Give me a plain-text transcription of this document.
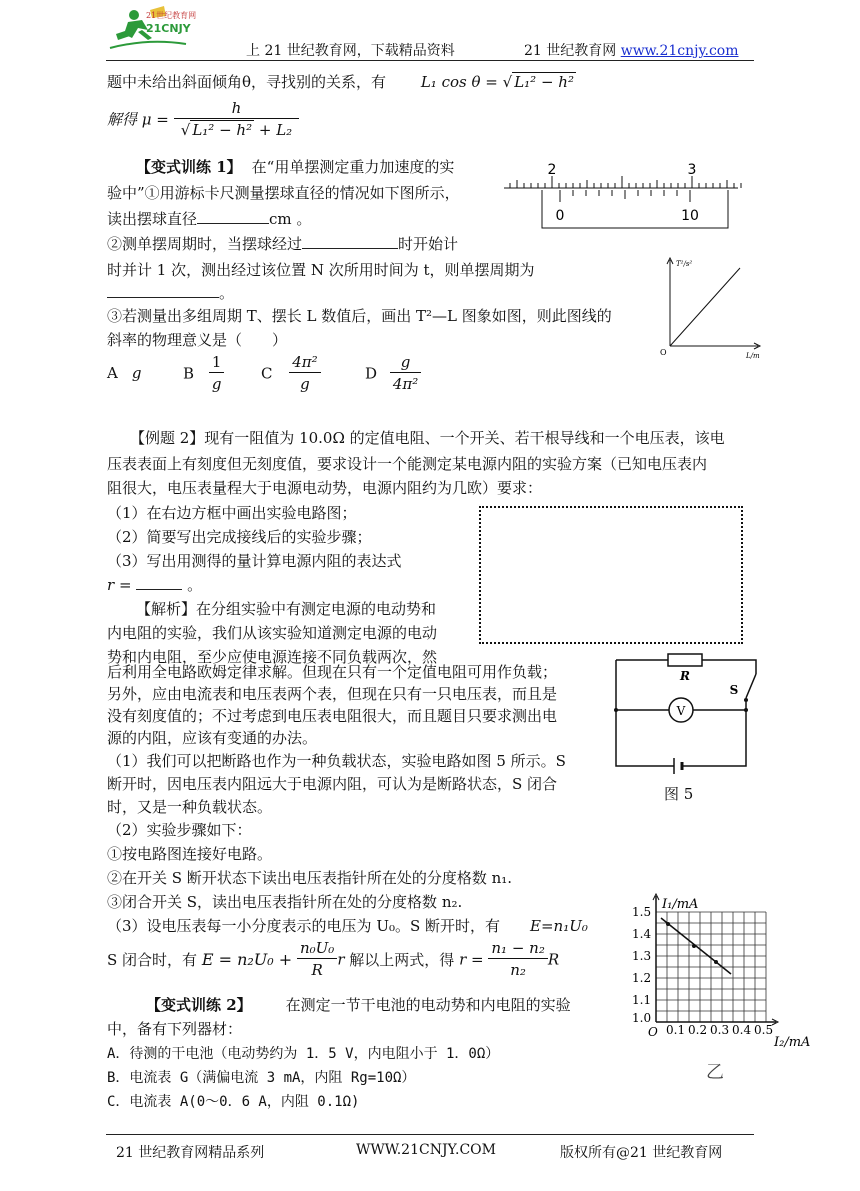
21世纪教育网
21CNJY
上 21 世纪教育网，下载精品资料	21 世纪教育网 www.21cnjy.com
题中未给出斜面倾角θ，寻找别的关系，有 L₁ cos θ = √ L₁² − h²
解得 $\mu = \frac{h}{\text{√ L₁² − h² + L₂}}$
【变式训练 1】 在“用单摆测定重力加速度的实
验中”①用游标卡尺测量摆球直径的情况如下图所示，
读出摆球直径	cm 。
②测单摆周期时，当摆球经过	时开始计
时并计 1 次，测出经过该位置 N 次所用时间为 t，则单摆周期为
。
③若测量出多组周期 T、摆长 L 数值后，画出 T²—L 图象如图，则此图线的
斜率的物理意义是（　　）
A g	B $\frac{1}{g}$ C $\frac{\text{4π²}}{g}$	D $\frac{g}{\text{4π²}}$
2	3
0	10
T²/s²
L/m
O
【例题 2】现有一阻值为 10.0Ω 的定值电阻、一个开关、若干根导线和一个电压表，该电
压表表面上有刻度但无刻度值，要求设计一个能测定某电源内阻的实验方案（已知电压表内
阻很大，电压表量程大于电源电动势，电源内阻约为几欧）要求：
（1）在右边方框中画出实验电路图；
（2）简要写出完成接线后的实验步骤；
（3）写出用测得的量计算电源内阻的表达式
r =	。
【解析】在分组实验中有测定电源的电动势和
内电阻的实验，我们从该实验知道测定电源的电动
势和内电阻，至少应使电源连接不同负载两次，然
后利用全电路欧姆定律求解。但现在只有一个定值电阻可用作负载；
另外，应由电流表和电压表两个表，但现在只有一只电压表，而且是
没有刻度值的；不过考虑到电压表电阻很大，而且题目只要求测出电
源的内阻，应该有变通的办法。
（1）我们可以把断路也作为一种负载状态，实验电路如图 5 所示。S
断开时，因电压表内阻远大于电源内阻，可认为是断路状态，S 闭合
时，又是一种负载状态。
（2）实验步骤如下：
①按电路图连接好电路。
②在开关 S 断开状态下读出电压表指针所在处的分度格数 n₁.
③闭合开关 S，读出电压表指针所在处的分度格数 n₂.
（3）设电压表每一小分度表示的电压为 U₀。S 断开时，有 E=n₁U₀
S 闭合时，有 $E = n_2U_0 + \frac{\text{n₀U₀}}{R}$ r 解以上两式，得 $r = \frac{\text{n₁ − n₂}}{\text{n₂}}$ R
V
R
S
图 5
1.5
1.4
1.3
1.2
1.1
1.0
0.1 0.2 0.3 0.4 0.5
I₁/mA
I₂/mA
O
乙
【变式训练 2】 在测定一节干电池的电动势和内电阻的实验
中，备有下列器材：
A．待测的干电池（电动势约为 1．5 V，内电阻小于 1．0Ω）
B．电流表 G（满偏电流 3 mA，内阻 Rg=10Ω）
C．电流表 A(0～0．6 A，内阻 0.1Ω)
21 世纪教育网精品系列	WWW.21CNJY.COM	版权所有@21 世纪教育网
